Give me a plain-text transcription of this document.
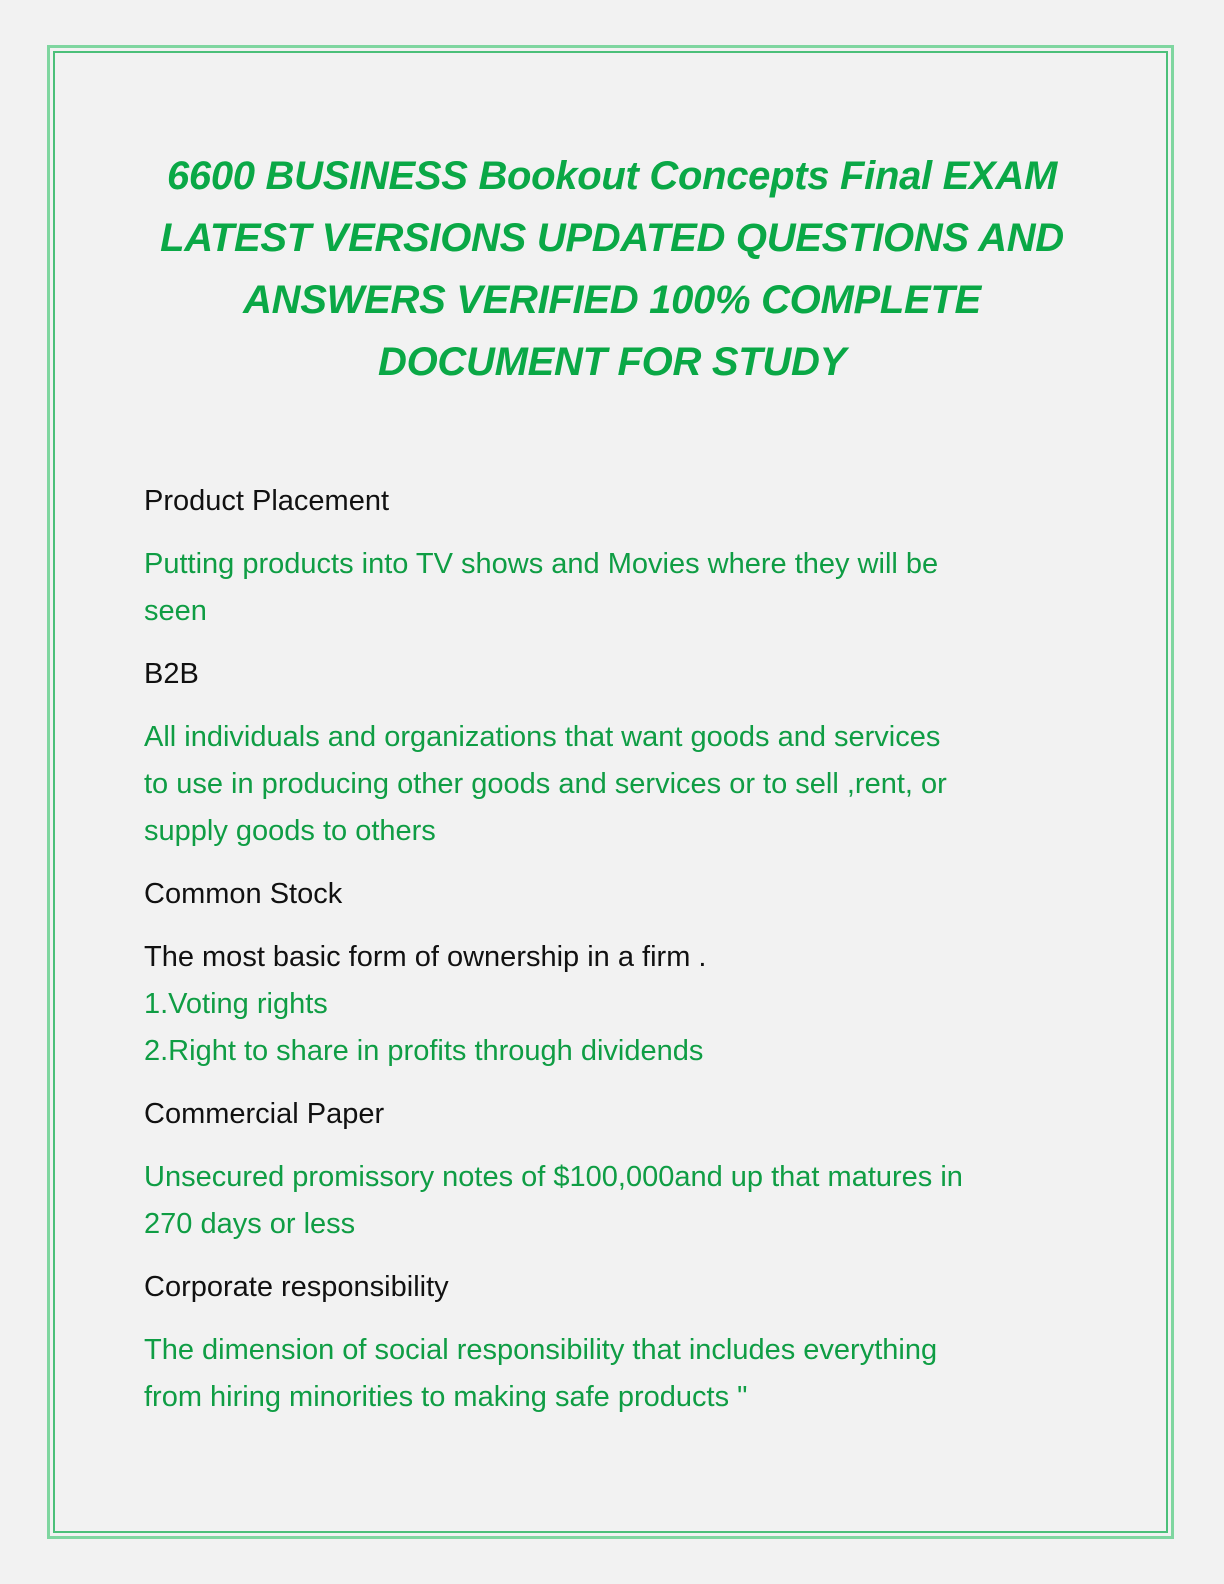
6600 BUSINESS Bookout Concepts Final EXAM
LATEST VERSIONS UPDATED QUESTIONS AND
ANSWERS VERIFIED 100% COMPLETE
DOCUMENT FOR STUDY

Product Placement

Putting products into TV shows and Movies where they will be
seen

B2B

All individuals and organizations that want goods and services
to use in producing other goods and services or to sell ,rent, or
supply goods to others

Common Stock

The most basic form of ownership in a firm .

1.Voting rights
2.Right to share in profits through dividends

Commercial Paper

Unsecured promissory notes of $100,000and up that matures in
270 days or less

Corporate responsibility

The dimension of social responsibility that includes everything
from hiring minorities to making safe products "
